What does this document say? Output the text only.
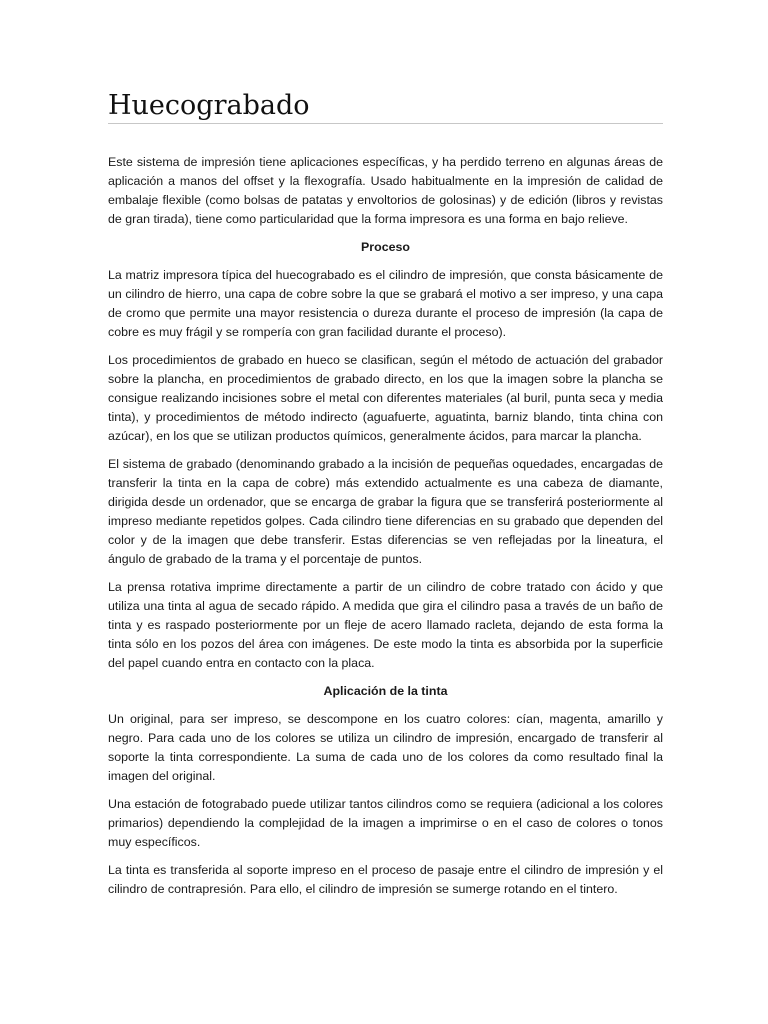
Huecograbado

Este sistema de impresión tiene aplicaciones específicas, y ha perdido terreno en algunas áreas de aplicación a manos del offset y la flexografía. Usado habitualmente en la impresión de calidad de embalaje flexible (como bolsas de patatas y envoltorios de golosinas) y de edición (libros y revistas de gran tirada), tiene como particularidad que la forma impresora es una forma en bajo relieve.

Proceso

La matriz impresora típica del huecograbado es el cilindro de impresión, que consta básicamente de un cilindro de hierro, una capa de cobre sobre la que se grabará el motivo a ser impreso, y una capa de cromo que permite una mayor resistencia o dureza durante el proceso de impresión (la capa de cobre es muy frágil y se rompería con gran facilidad durante el proceso).

Los procedimientos de grabado en hueco se clasifican, según el método de actuación del grabador sobre la plancha, en procedimientos de grabado directo, en los que la imagen sobre la plancha se consigue realizando incisiones sobre el metal con diferentes materiales (al buril, punta seca y media tinta), y procedimientos de método indirecto (aguafuerte, aguatinta, barniz blando, tinta china con azúcar), en los que se utilizan productos químicos, generalmente ácidos, para marcar la plancha.

El sistema de grabado (denominando grabado a la incisión de pequeñas oquedades, encargadas de transferir la tinta en la capa de cobre) más extendido actualmente es una cabeza de diamante, dirigida desde un ordenador, que se encarga de grabar la figura que se transferirá posteriormente al impreso mediante repetidos golpes. Cada cilindro tiene diferencias en su grabado que dependen del color y de la imagen que debe transferir. Estas diferencias se ven reflejadas por la lineatura, el ángulo de grabado de la trama y el porcentaje de puntos.

La prensa rotativa imprime directamente a partir de un cilindro de cobre tratado con ácido y que utiliza una tinta al agua de secado rápido. A medida que gira el cilindro pasa a través de un baño de tinta y es raspado posteriormente por un fleje de acero llamado racleta, dejando de esta forma la tinta sólo en los pozos del área con imágenes. De este modo la tinta es absorbida por la superficie del papel cuando entra en contacto con la placa.

Aplicación de la tinta

Un original, para ser impreso, se descompone en los cuatro colores: cían, magenta, amarillo y negro. Para cada uno de los colores se utiliza un cilindro de impresión, encargado de transferir al soporte la tinta correspondiente. La suma de cada uno de los colores da como resultado final la imagen del original.

Una estación de fotograbado puede utilizar tantos cilindros como se requiera (adicional a los colores primarios) dependiendo la complejidad de la imagen a imprimirse o en el caso de colores o tonos muy específicos.

La tinta es transferida al soporte impreso en el proceso de pasaje entre el cilindro de impresión y el cilindro de contrapresión. Para ello, el cilindro de impresión se sumerge rotando en el tintero.
